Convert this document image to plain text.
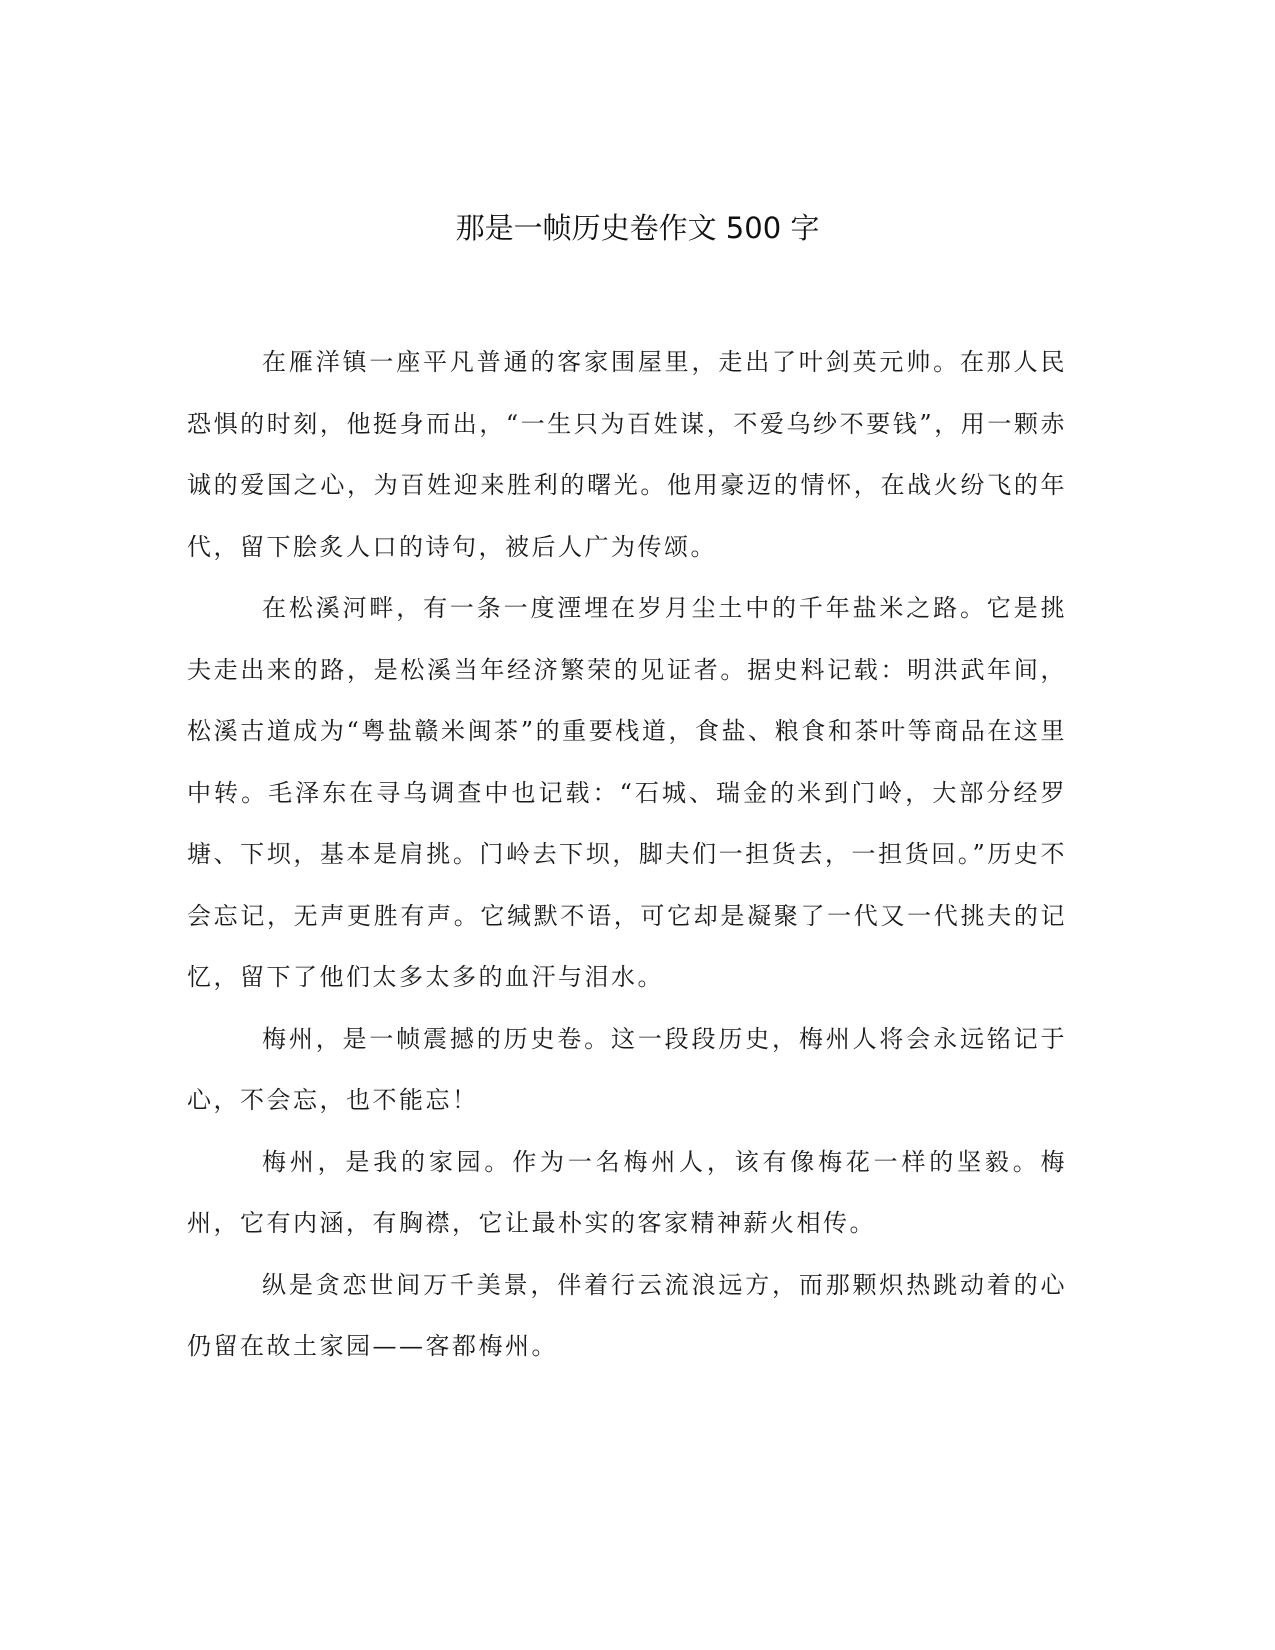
那是一帧历史卷作文 500 字

在雁洋镇一座平凡普通的客家围屋里，走出了叶剑英元帅。在那人民恐惧的时刻，他挺身而出，“一生只为百姓谋，不爱乌纱不要钱”，用一颗赤诚的爱国之心，为百姓迎来胜利的曙光。他用豪迈的情怀，在战火纷飞的年代，留下脍炙人口的诗句，被后人广为传颂。

在松溪河畔，有一条一度湮埋在岁月尘土中的千年盐米之路。它是挑夫走出来的路，是松溪当年经济繁荣的见证者。据史料记载：明洪武年间，松溪古道成为“粤盐赣米闽茶”的重要栈道，食盐、粮食和茶叶等商品在这里中转。毛泽东在寻乌调查中也记载：“石城、瑞金的米到门岭，大部分经罗塘、下坝，基本是肩挑。门岭去下坝，脚夫们一担货去，一担货回。”历史不会忘记，无声更胜有声。它缄默不语，可它却是凝聚了一代又一代挑夫的记忆，留下了他们太多太多的血汗与泪水。

梅州，是一帧震撼的历史卷。这一段段历史，梅州人将会永远铭记于心，不会忘，也不能忘！

梅州，是我的家园。作为一名梅州人，该有像梅花一样的坚毅。梅州，它有内涵，有胸襟，它让最朴实的客家精神薪火相传。

纵是贪恋世间万千美景，伴着行云流浪远方，而那颗炽热跳动着的心仍留在故土家园——客都梅州。
